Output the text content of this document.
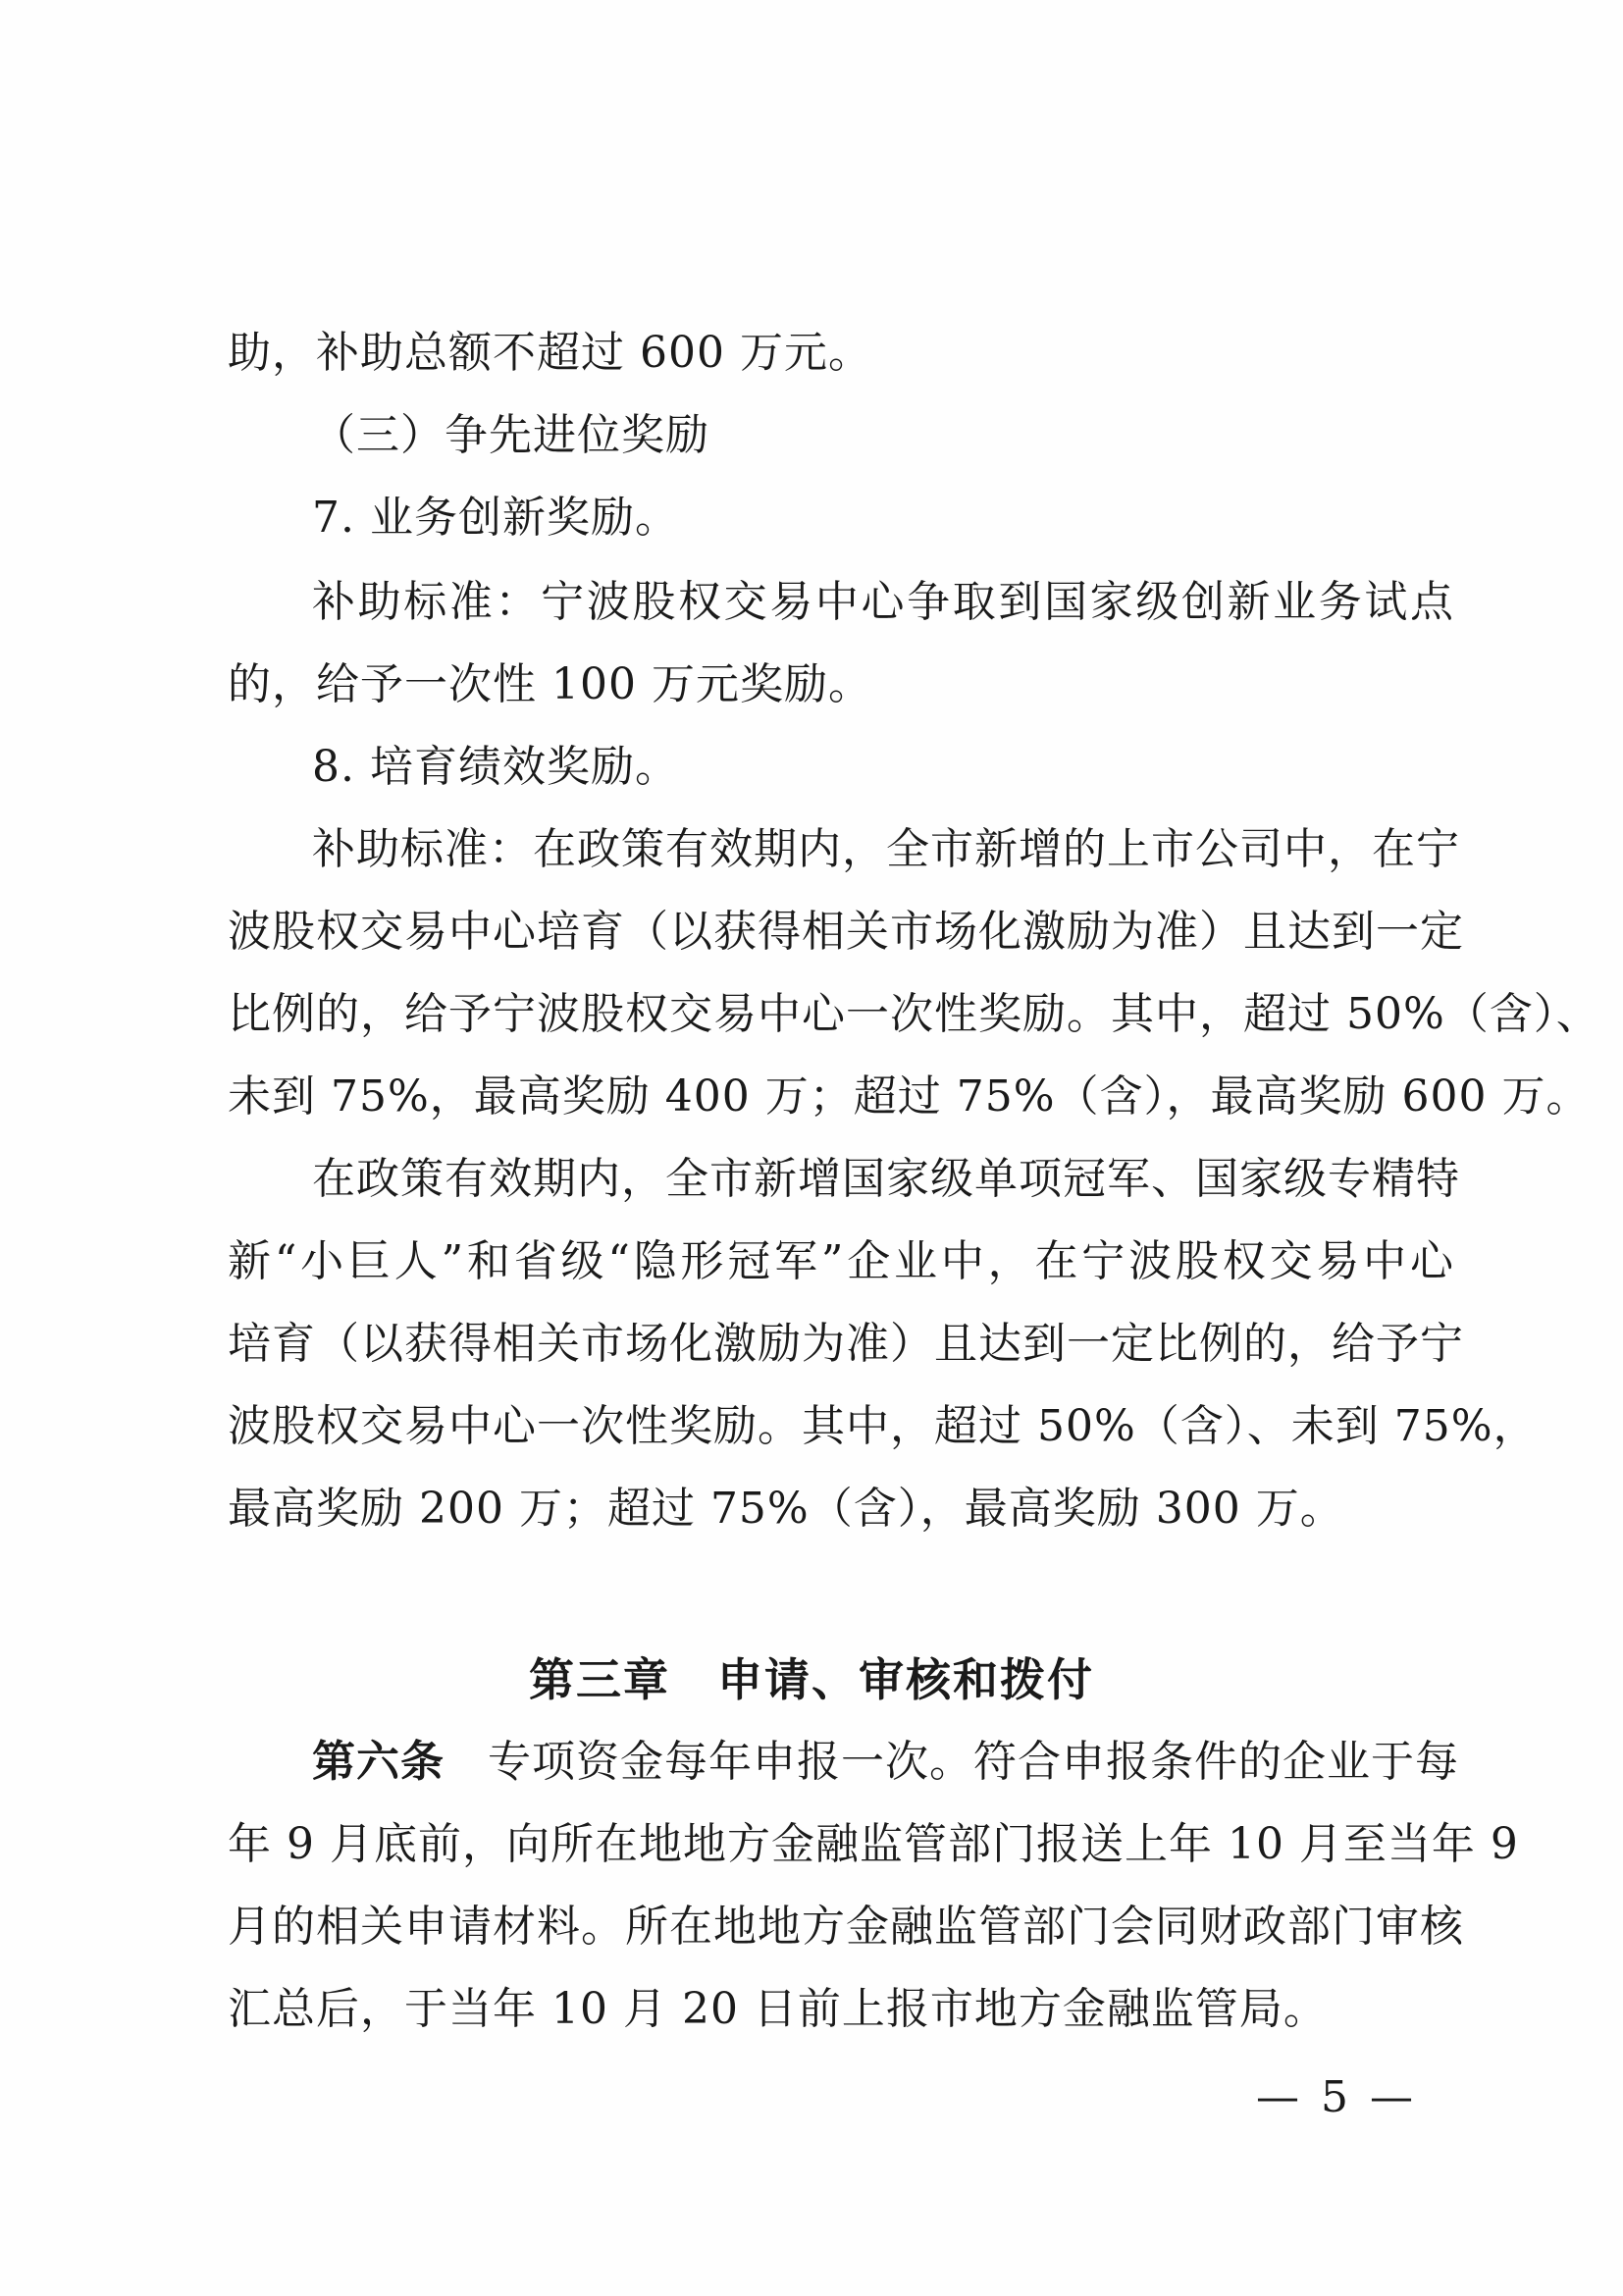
助，补助总额不超过 600 万元。
（三）争先进位奖励
7. 业务创新奖励。
补助标准：宁波股权交易中心争取到国家级创新业务试点
的，给予一次性 100 万元奖励。
8. 培育绩效奖励。
补助标准：在政策有效期内，全市新增的上市公司中，在宁
波股权交易中心培育（以获得相关市场化激励为准）且达到一定
比例的，给予宁波股权交易中心一次性奖励。其中，超过 50%（含）、
未到 75%，最高奖励 400 万；超过 75%（含），最高奖励 600 万。
在政策有效期内，全市新增国家级单项冠军、国家级专精特
新“小巨人”和省级“隐形冠军”企业中，在宁波股权交易中心
培育（以获得相关市场化激励为准）且达到一定比例的，给予宁
波股权交易中心一次性奖励。其中，超过 50%（含）、未到 75%，
最高奖励 200 万；超过 75%（含），最高奖励 300 万。
第三章　申请、审核和拨付
第六条 专项资金每年申报一次。符合申报条件的企业于每
年 9 月底前，向所在地地方金融监管部门报送上年 10 月至当年 9
月的相关申请材料。所在地地方金融监管部门会同财政部门审核
汇总后，于当年 10 月 20 日前上报市地方金融监管局。
— 5 —
